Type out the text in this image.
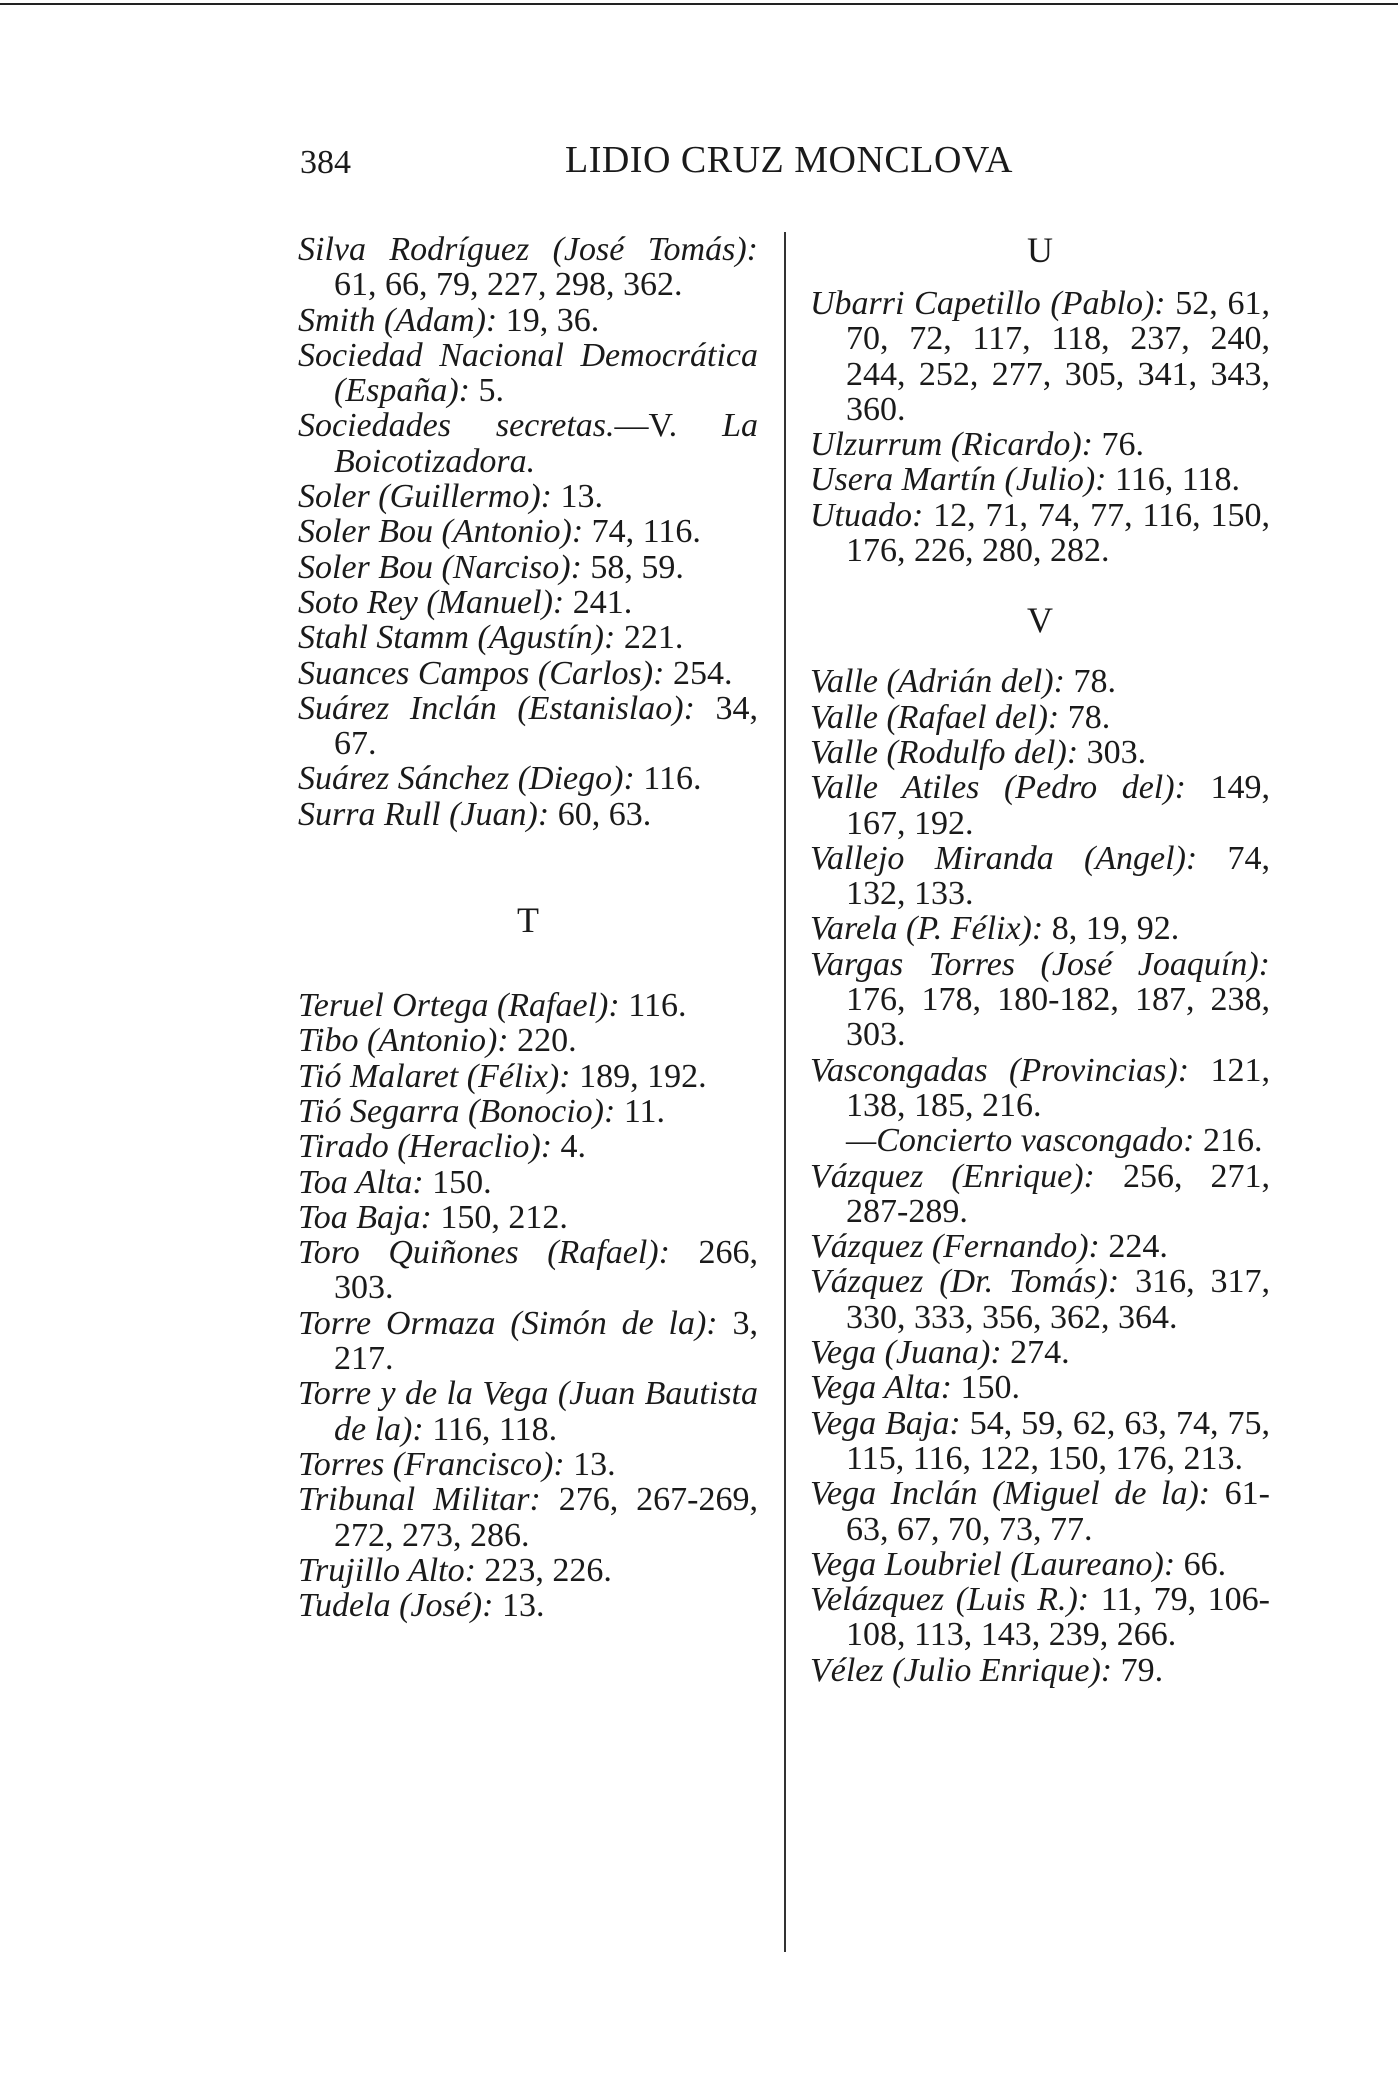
384	LIDIO CRUZ MONCLOVA

Silva Rodríguez (José Tomás): 61, 66, 79, 227, 298, 362.

Smith (Adam): 19, 36.

Sociedad Nacional Democrática (España): 5.

Sociedades secretas.—V. La Boicotizadora.

Soler (Guillermo): 13.

Soler Bou (Antonio): 74, 116.

Soler Bou (Narciso): 58, 59.

Soto Rey (Manuel): 241.

Stahl Stamm (Agustín): 221.

Suances Campos (Carlos): 254.

Suárez Inclán (Estanislao): 34, 67.

Suárez Sánchez (Diego): 116.

Surra Rull (Juan): 60, 63.

T

Teruel Ortega (Rafael): 116.

Tibo (Antonio): 220.

Tió Malaret (Félix): 189, 192.

Tió Segarra (Bonocio): 11.

Tirado (Heraclio): 4.

Toa Alta: 150.

Toa Baja: 150, 212.

Toro Quiñones (Rafael): 266, 303.

Torre Ormaza (Simón de la): 3, 217.

Torre y de la Vega (Juan Bautista de la): 116, 118.

Torres (Francisco): 13.

Tribunal Militar: 276, 267-269, 272, 273, 286.

Trujillo Alto: 223, 226.

Tudela (José): 13.

U

Ubarri Capetillo (Pablo): 52, 61, 70, 72, 117, 118, 237, 240, 244, 252, 277, 305, 341, 343, 360.

Ulzurrum (Ricardo): 76.

Usera Martín (Julio): 116, 118.

Utuado: 12, 71, 74, 77, 116, 150, 176, 226, 280, 282.

V

Valle (Adrián del): 78.

Valle (Rafael del): 78.

Valle (Rodulfo del): 303.

Valle Atiles (Pedro del): 149, 167, 192.

Vallejo Miranda (Angel): 74, 132, 133.

Varela (P. Félix): 8, 19, 92.

Vargas Torres (José Joaquín): 176, 178, 180-182, 187, 238, 303.

Vascongadas (Provincias): 121, 138, 185, 216.

—Concierto vascongado: 216.

Vázquez (Enrique): 256, 271, 287-289.

Vázquez (Fernando): 224.

Vázquez (Dr. Tomás): 316, 317, 330, 333, 356, 362, 364.

Vega (Juana): 274.

Vega Alta: 150.

Vega Baja: 54, 59, 62, 63, 74, 75, 115, 116, 122, 150, 176, 213.

Vega Inclán (Miguel de la): 61-63, 67, 70, 73, 77.

Vega Loubriel (Laureano): 66.

Velázquez (Luis R.): 11, 79, 106-108, 113, 143, 239, 266.

Vélez (Julio Enrique): 79.
